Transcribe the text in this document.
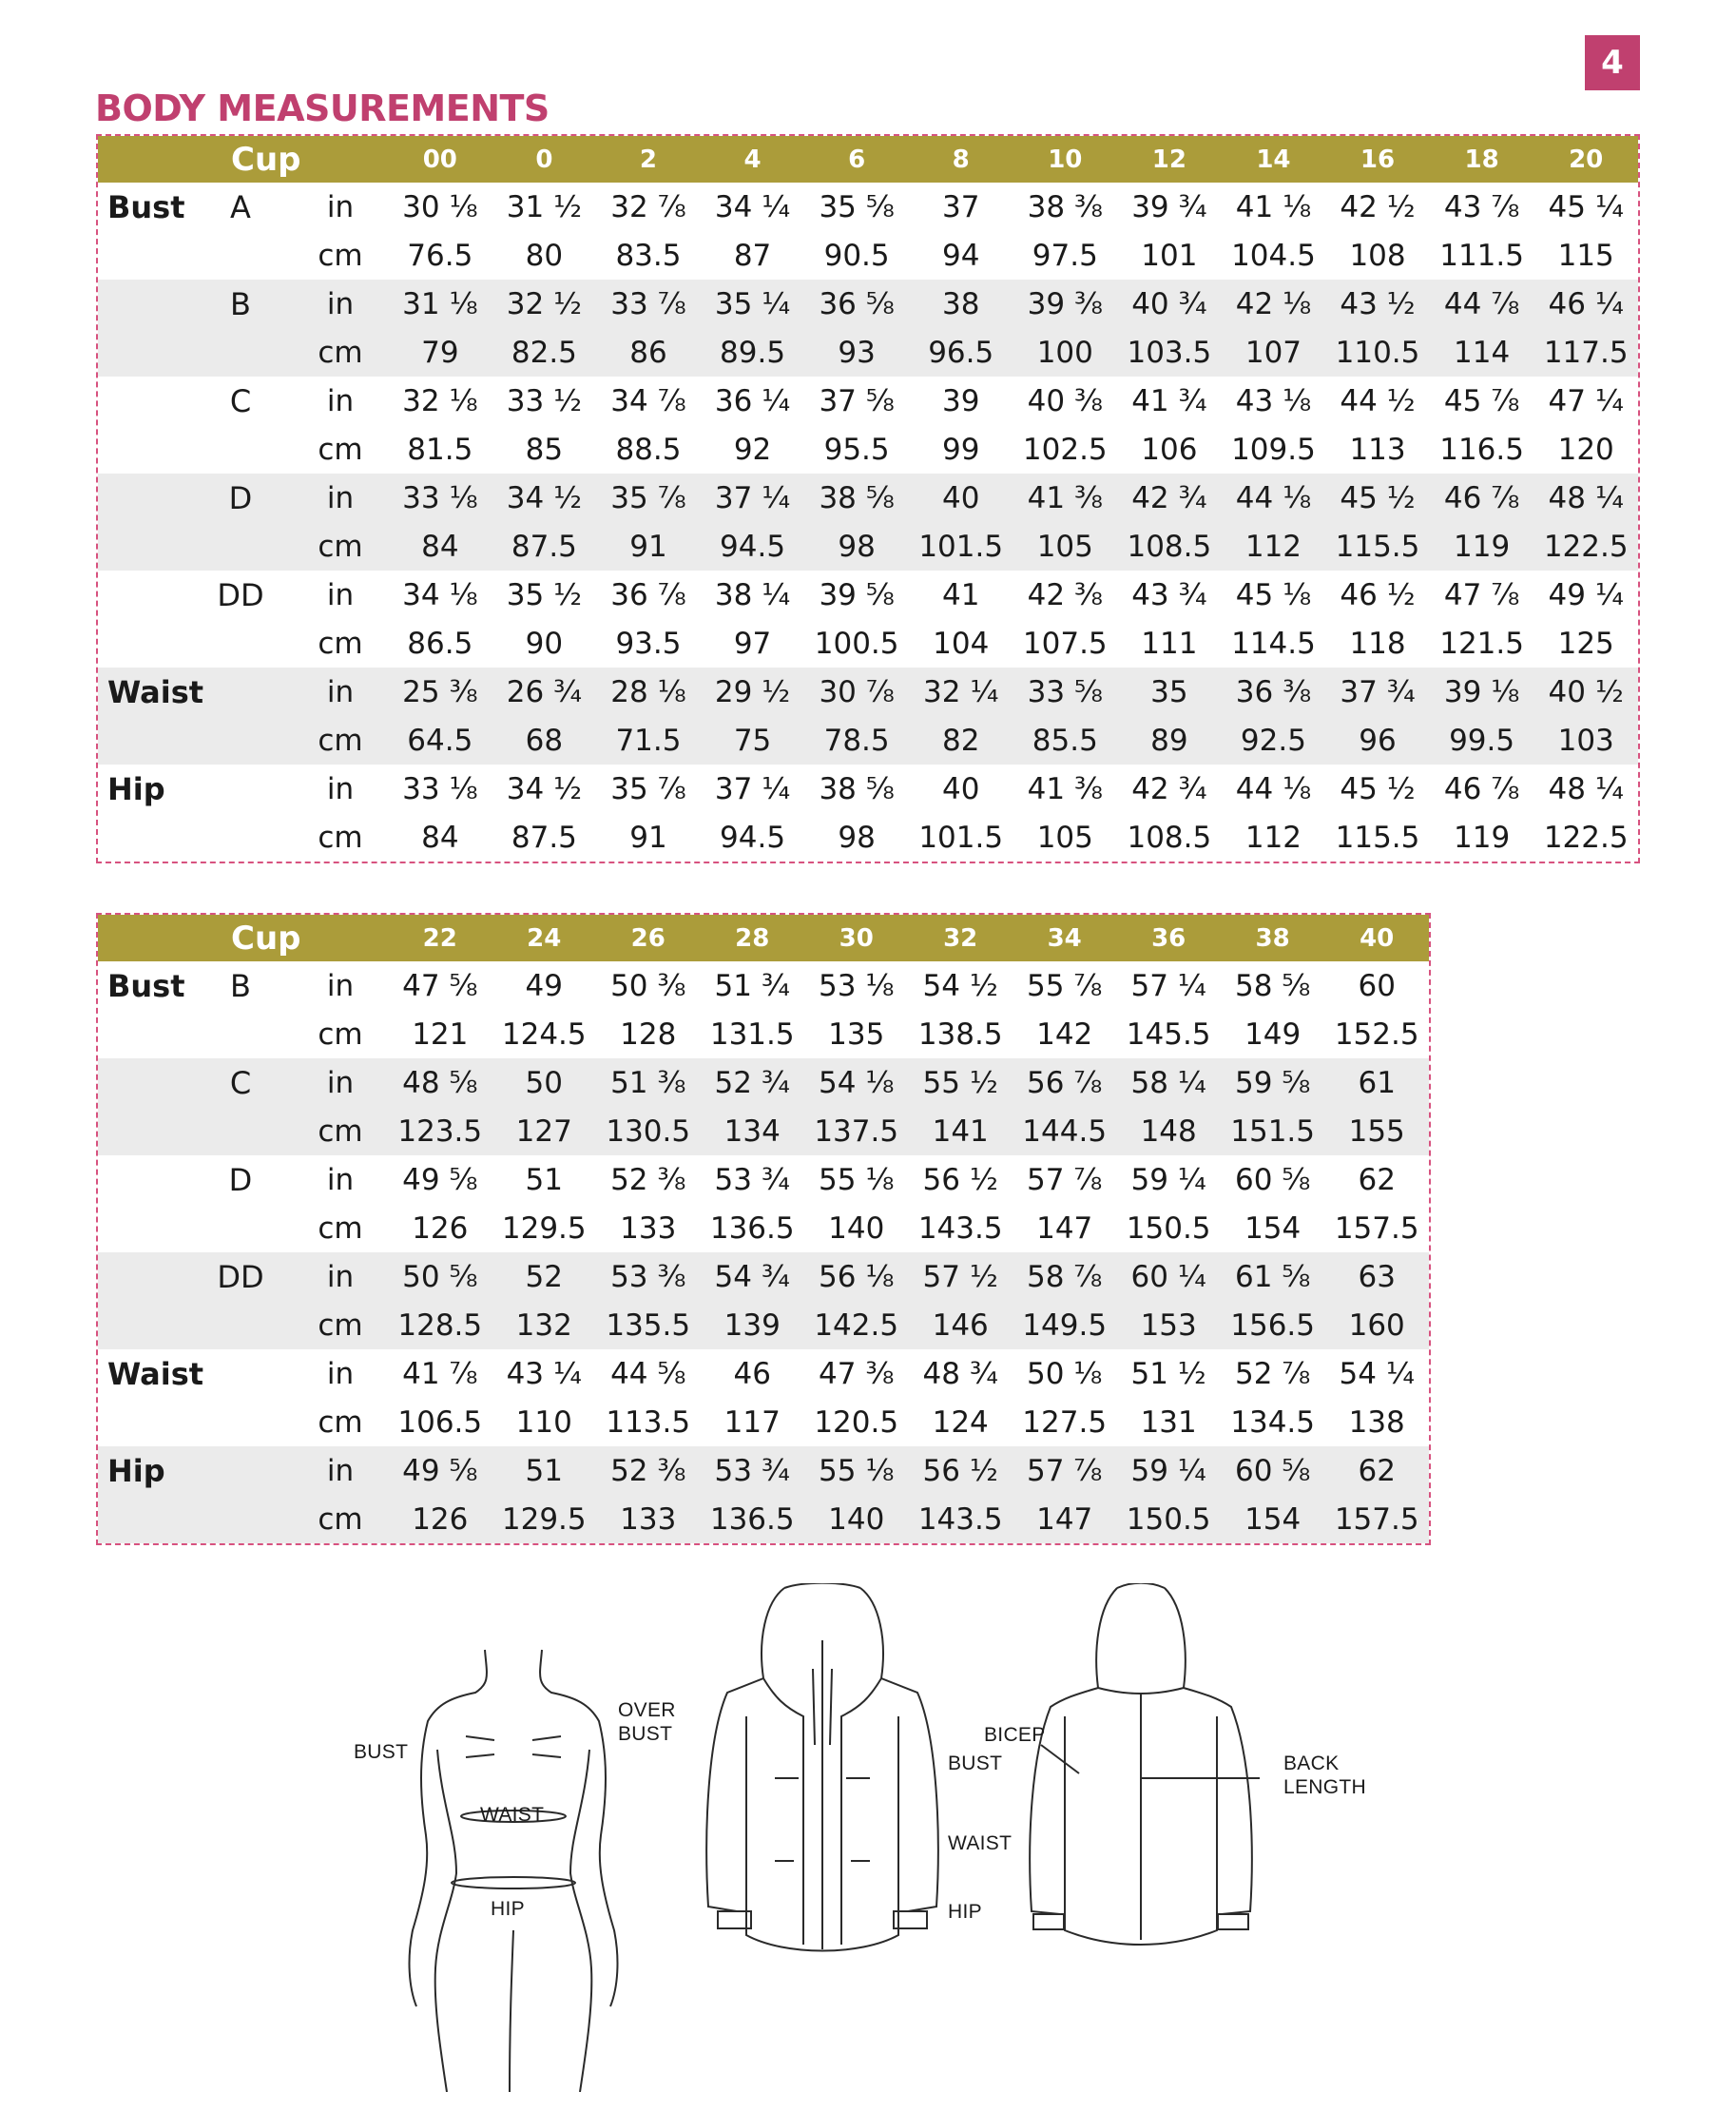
4
BODY MEASUREMENTS
Cup			00	0	2	4	6	8	10	12	14	16	18	20
Bust	A	in	30 ⅛	31 ½	32 ⅞	34 ¼	35 ⅝	37	38 ⅜	39 ¾	41 ⅛	42 ½	43 ⅞	45 ¼
		cm	76.5	80	83.5	87	90.5	94	97.5	101	104.5	108	111.5	115
	B	in	31 ⅛	32 ½	33 ⅞	35 ¼	36 ⅝	38	39 ⅜	40 ¾	42 ⅛	43 ½	44 ⅞	46 ¼
		cm	79	82.5	86	89.5	93	96.5	100	103.5	107	110.5	114	117.5
	C	in	32 ⅛	33 ½	34 ⅞	36 ¼	37 ⅝	39	40 ⅜	41 ¾	43 ⅛	44 ½	45 ⅞	47 ¼
		cm	81.5	85	88.5	92	95.5	99	102.5	106	109.5	113	116.5	120
	D	in	33 ⅛	34 ½	35 ⅞	37 ¼	38 ⅝	40	41 ⅜	42 ¾	44 ⅛	45 ½	46 ⅞	48 ¼
		cm	84	87.5	91	94.5	98	101.5	105	108.5	112	115.5	119	122.5
	DD	in	34 ⅛	35 ½	36 ⅞	38 ¼	39 ⅝	41	42 ⅜	43 ¾	45 ⅛	46 ½	47 ⅞	49 ¼
		cm	86.5	90	93.5	97	100.5	104	107.5	111	114.5	118	121.5	125
Waist		in	25 ⅜	26 ¾	28 ⅛	29 ½	30 ⅞	32 ¼	33 ⅝	35	36 ⅜	37 ¾	39 ⅛	40 ½
		cm	64.5	68	71.5	75	78.5	82	85.5	89	92.5	96	99.5	103
Hip		in	33 ⅛	34 ½	35 ⅞	37 ¼	38 ⅝	40	41 ⅜	42 ¾	44 ⅛	45 ½	46 ⅞	48 ¼
		cm	84	87.5	91	94.5	98	101.5	105	108.5	112	115.5	119	122.5
Cup			22	24	26	28	30	32	34	36	38	40
Bust	B	in	47 ⅝	49	50 ⅜	51 ¾	53 ⅛	54 ½	55 ⅞	57 ¼	58 ⅝	60
		cm	121	124.5	128	131.5	135	138.5	142	145.5	149	152.5
	C	in	48 ⅝	50	51 ⅜	52 ¾	54 ⅛	55 ½	56 ⅞	58 ¼	59 ⅝	61
		cm	123.5	127	130.5	134	137.5	141	144.5	148	151.5	155
	D	in	49 ⅝	51	52 ⅜	53 ¾	55 ⅛	56 ½	57 ⅞	59 ¼	60 ⅝	62
		cm	126	129.5	133	136.5	140	143.5	147	150.5	154	157.5
	DD	in	50 ⅝	52	53 ⅜	54 ¾	56 ⅛	57 ½	58 ⅞	60 ¼	61 ⅝	63
		cm	128.5	132	135.5	139	142.5	146	149.5	153	156.5	160
Waist		in	41 ⅞	43 ¼	44 ⅝	46	47 ⅜	48 ¾	50 ⅛	51 ½	52 ⅞	54 ¼
		cm	106.5	110	113.5	117	120.5	124	127.5	131	134.5	138
Hip		in	49 ⅝	51	52 ⅜	53 ¾	55 ⅛	56 ½	57 ⅞	59 ¼	60 ⅝	62
		cm	126	129.5	133	136.5	140	143.5	147	150.5	154	157.5
BUST
OVER
BUST
WAIST
HIP
BUST
WAIST
HIP
BICEP
BACK
LENGTH
